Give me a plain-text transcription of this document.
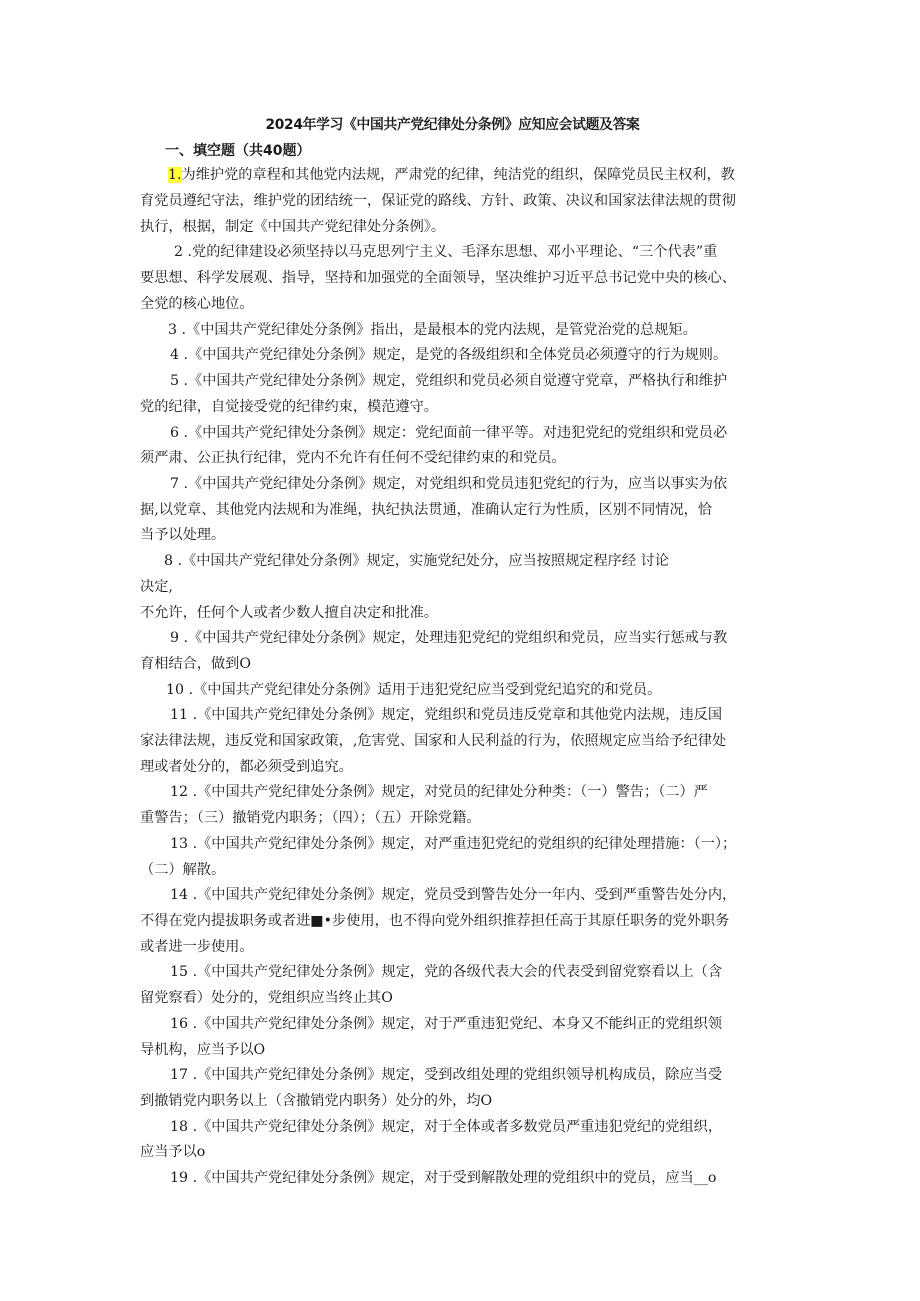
2024年学习《中国共产党纪律处分条例》应知应会试题及答案
一、填空题（共40题）
1.为维护党的章程和其他党内法规，严肃党的纪律，纯洁党的组织，保障党员民主权利，教
育党员遵纪守法，维护党的团结统一，保证党的路线、方针、政策、决议和国家法律法规的贯彻
执行，根据，制定《中国共产党纪律处分条例》。
2 .党的纪律建设必须坚持以马克思列宁主义、毛泽东思想、邓小平理论、“三个代表”重
要思想、科学发展观、指导，坚持和加强党的全面领导，坚决维护习近平总书记党中央的核心、
全党的核心地位。
3 .《中国共产党纪律处分条例》指出，是最根本的党内法规，是管党治党的总规矩。
4 .《中国共产党纪律处分条例》规定，是党的各级组织和全体党员必须遵守的行为规则。
5 .《中国共产党纪律处分条例》规定，党组织和党员必须自觉遵守党章，严格执行和维护
党的纪律，自觉接受党的纪律约束，模范遵守。
6 .《中国共产党纪律处分条例》规定：党纪面前一律平等。对违犯党纪的党组织和党员必
须严肃、公正执行纪律，党内不允许有任何不受纪律约束的和党员。
7 .《中国共产党纪律处分条例》规定，对党组织和党员违犯党纪的行为，应当以事实为依
据,以党章、其他党内法规和为准绳，执纪执法贯通，准确认定行为性质，区别不同情况，恰
当予以处理。
8 .《中国共产党纪律处分条例》规定，实施党纪处分，应当按照规定程序经 讨论
决定,
不允许，任何个人或者少数人擅自决定和批准。
9 .《中国共产党纪律处分条例》规定，处理违犯党纪的党组织和党员，应当实行惩戒与教
育相结合，做到O
10 .《中国共产党纪律处分条例》适用于违犯党纪应当受到党纪追究的和党员。
11 .《中国共产党纪律处分条例》规定，党组织和党员违反党章和其他党内法规，违反国
家法律法规，违反党和国家政策，,危害党、国家和人民利益的行为，依照规定应当给予纪律处
理或者处分的，都必须受到追究。
12 .《中国共产党纪律处分条例》规定，对党员的纪律处分种类：（一）警告；（二）严
重警告；（三）撤销党内职务；（四）；（五）开除党籍。
13 .《中国共产党纪律处分条例》规定，对严重违犯党纪的党组织的纪律处理措施：（一）；
（二）解散。
14 .《中国共产党纪律处分条例》规定，党员受到警告处分一年内、受到严重警告处分内，
不得在党内提拔职务或者进■•步使用，也不得向党外组织推荐担任高于其原任职务的党外职务
或者进一步使用。
15 .《中国共产党纪律处分条例》规定，党的各级代表大会的代表受到留党察看以上（含
留党察看）处分的，党组织应当终止其O
16 .《中国共产党纪律处分条例》规定，对于严重违犯党纪、本身又不能纠正的党组织领
导机构，应当予以O
17 .《中国共产党纪律处分条例》规定，受到改组处理的党组织领导机构成员，除应当受
到撤销党内职务以上（含撤销党内职务）处分的外，均O
18 .《中国共产党纪律处分条例》规定，对于全体或者多数党员严重违犯党纪的党组织，
应当予以o
19 .《中国共产党纪律处分条例》规定，对于受到解散处理的党组织中的党员，应当__o
